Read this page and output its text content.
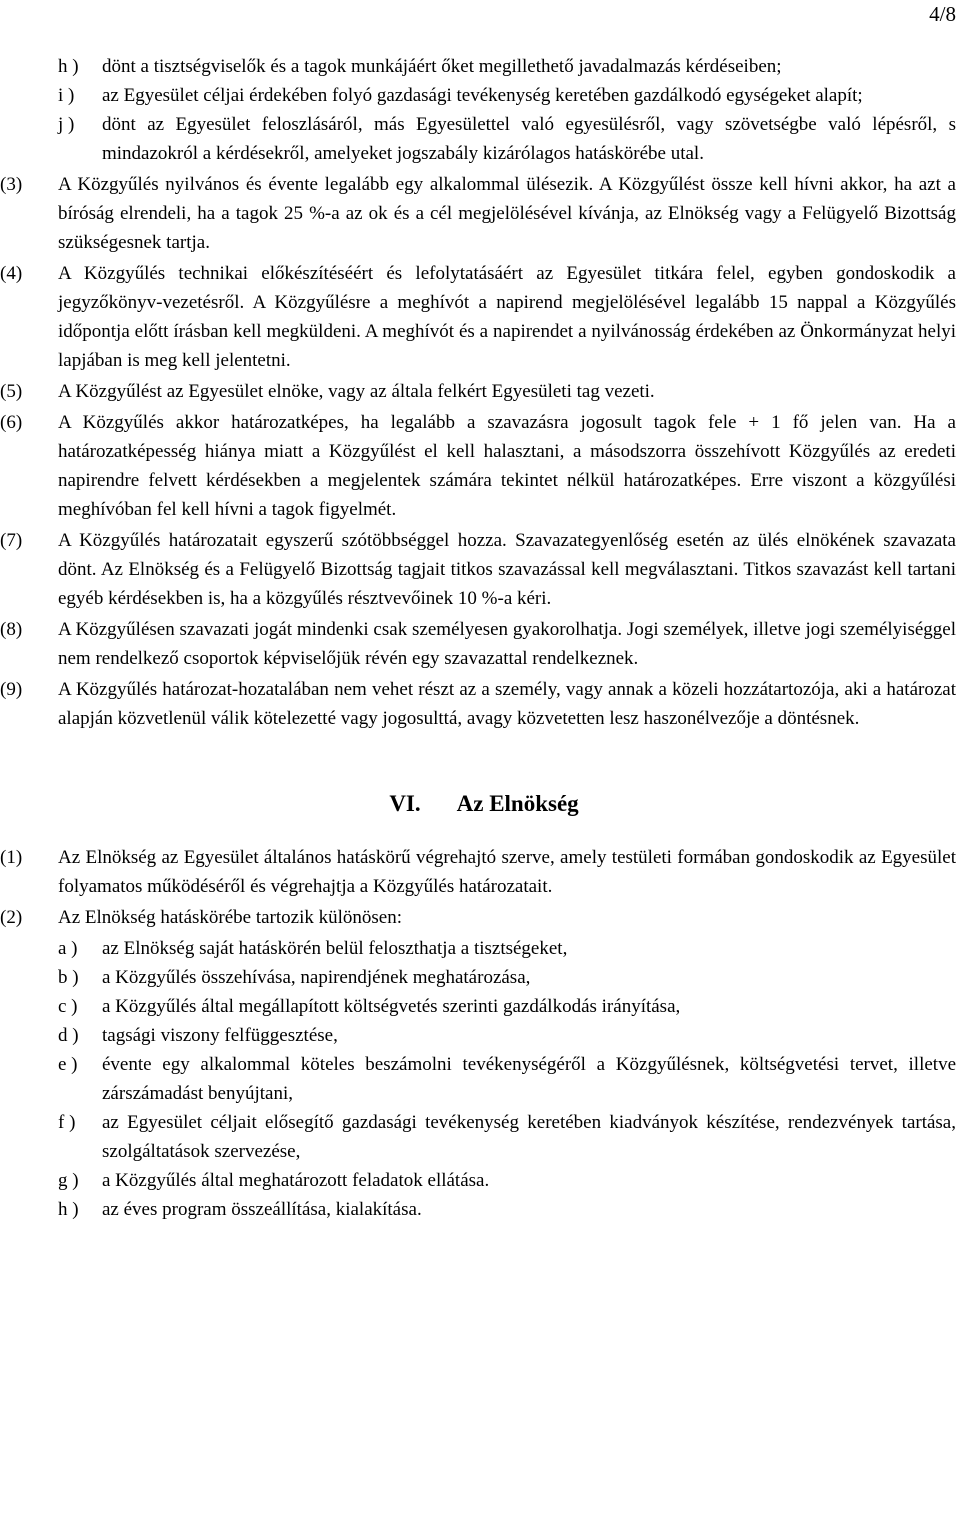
4/8
h )	dönt a tisztségviselők és a tagok munkájáért őket megillethető javadalmazás kérdéseiben;
i )	az Egyesület céljai érdekében folyó gazdasági tevékenység keretében gazdálkodó egységeket alapít;
j )	dönt az Egyesület feloszlásáról, más Egyesülettel való egyesülésről, vagy szövetségbe való lépésről, s mindazokról a kérdésekről, amelyeket jogszabály kizárólagos hatáskörébe utal.
(3)	A Közgyűlés nyilvános és évente legalább egy alkalommal ülésezik. A Közgyűlést össze kell hívni akkor, ha azt a bíróság elrendeli, ha a tagok 25 %-a az ok és a cél megjelölésével kívánja, az Elnökség vagy a Felügyelő Bizottság szükségesnek tartja.
(4)	A Közgyűlés technikai előkészítéséért és lefolytatásáért az Egyesület titkára felel, egyben gondoskodik a jegyzőkönyv-vezetésről. A Közgyűlésre a meghívót a napirend megjelölésével legalább 15 nappal a Közgyűlés időpontja előtt írásban kell megküldeni. A meghívót és a napirendet a nyilvánosság érdekében az Önkormányzat helyi lapjában is meg kell jelentetni.
(5)	A Közgyűlést az Egyesület elnöke, vagy az általa felkért Egyesületi tag vezeti.
(6)	A Közgyűlés akkor határozatképes, ha legalább a szavazásra jogosult tagok fele + 1 fő jelen van. Ha a határozatképesség hiánya miatt a Közgyűlést el kell halasztani, a másodszorra összehívott Közgyűlés az eredeti napirendre felvett kérdésekben a megjelentek számára tekintet nélkül határozatképes. Erre viszont a közgyűlési meghívóban fel kell hívni a tagok figyelmét.
(7)	A Közgyűlés határozatait egyszerű szótöbbséggel hozza. Szavazategyenlőség esetén az ülés elnökének szavazata dönt. Az Elnökség és a Felügyelő Bizottság tagjait titkos szavazással kell megválasztani. Titkos szavazást kell tartani egyéb kérdésekben is, ha a közgyűlés résztvevőinek 10 %-a kéri.
(8)	A Közgyűlésen szavazati jogát mindenki csak személyesen gyakorolhatja. Jogi személyek, illetve jogi személyiséggel nem rendelkező csoportok képviselőjük révén egy szavazattal rendelkeznek.
(9)	A Közgyűlés határozat-hozatalában nem vehet részt az a személy, vagy annak a közeli hozzátartozója, aki a határozat alapján közvetlenül válik kötelezetté vagy jogosulttá, avagy közvetetten lesz haszonélvezője a döntésnek.
VI. Az Elnökség
(1)	Az Elnökség az Egyesület általános hatáskörű végrehajtó szerve, amely testületi formában gondoskodik az Egyesület folyamatos működéséről és végrehajtja a Közgyűlés határozatait.
(2)	Az Elnökség hatáskörébe tartozik különösen:
a )	az Elnökség saját hatáskörén belül feloszthatja a tisztségeket,
b )	a Közgyűlés összehívása, napirendjének meghatározása,
c )	a Közgyűlés által megállapított költségvetés szerinti gazdálkodás irányítása,
d )	tagsági viszony felfüggesztése,
e )	évente egy alkalommal köteles beszámolni tevékenységéről a Közgyűlésnek, költségvetési tervet, illetve zárszámadást benyújtani,
f )	az Egyesület céljait elősegítő gazdasági tevékenység keretében kiadványok készítése, rendezvények tartása, szolgáltatások szervezése,
g )	a Közgyűlés által meghatározott feladatok ellátása.
h )	az éves program összeállítása, kialakítása.
